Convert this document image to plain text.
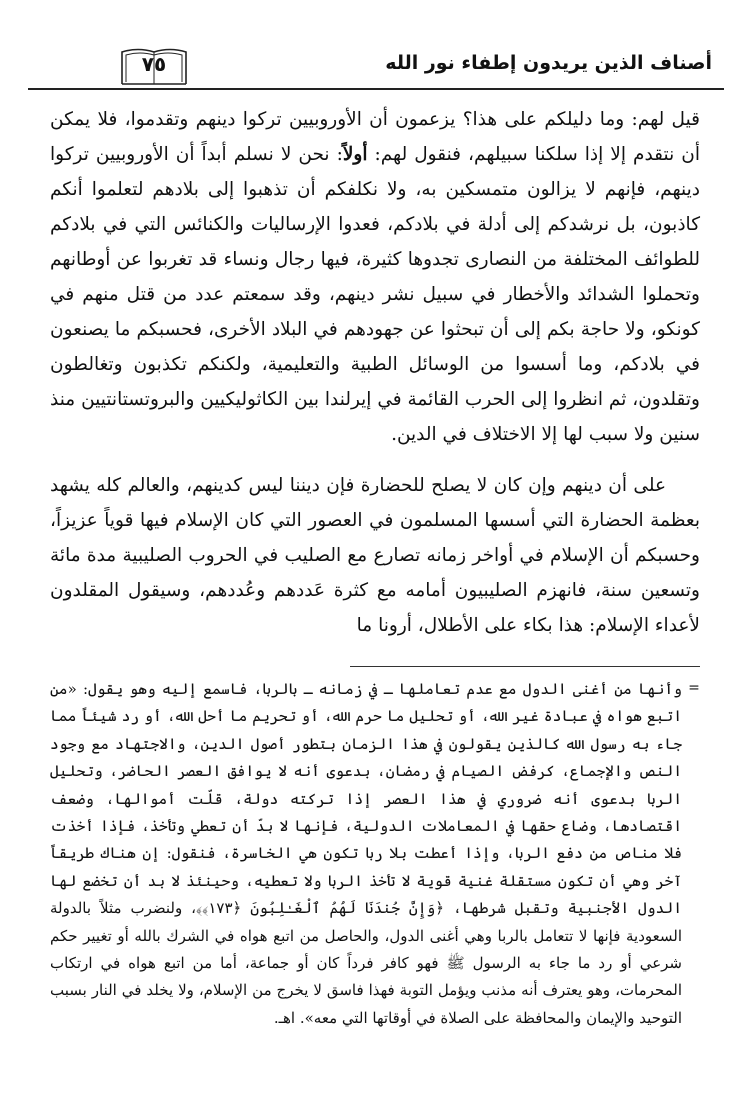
أصناف الذين يريدون إطفاء نور الله
٧٥

قيل لهم: وما دليلكم على هذا؟ يزعمون أن الأوروبيين تركوا دينهم وتقدموا، فلا يمكن أن نتقدم إلا إذا سلكنا سبيلهم، فنقول لهم: أولاً: نحن لا نسلم أبداً أن الأوروبيين تركوا دينهم، فإنهم لا يزالون متمسكين به، ولا نكلفكم أن تذهبوا إلى بلادهم لتعلموا أنكم كاذبون، بل نرشدكم إلى أدلة في بلادكم، فعدوا الإرساليات والكنائس التي في بلادكم للطوائف المختلفة من النصارى تجدوها كثيرة، فيها رجال ونساء قد تغربوا عن أوطانهم وتحملوا الشدائد والأخطار في سبيل نشر دينهم، وقد سمعتم عدد من قتل منهم في كونكو، ولا حاجة بكم إلى أن تبحثوا عن جهودهم في البلاد الأخرى، فحسبكم ما يصنعون في بلادكم، وما أسسوا من الوسائل الطبية والتعليمية، ولكنكم تكذبون وتغالطون وتقلدون، ثم انظروا إلى الحرب القائمة في إيرلندا بين الكاثوليكيين والبروتستانتيين منذ سنين ولا سبب لها إلا الاختلاف في الدين.

على أن دينهم وإن كان لا يصلح للحضارة فإن ديننا ليس كدينهم، والعالم كله يشهد بعظمة الحضارة التي أسسها المسلمون في العصور التي كان الإسلام فيها قوياً عزيزاً، وحسبكم أن الإسلام في أواخر زمانه تصارع مع الصليب في الحروب الصليبية مدة مائة وتسعين سنة، فانهزم الصليبيون أمامه مع كثرة عَددهم وعُددهم، وسيقول المقلدون لأعداء الإسلام: هذا بكاء على الأطلال، أرونا ما

=

وأنها من أغنى الدول مع عدم تعاملها ـ في زمانه ـ بالربا، فاسمع إليه وهو يقول: «من اتبع هواه في عبادة غير الله، أو تحليل ما حرم الله، أو تحريم ما أحل الله، أو رد شيئاً مما جاء به رسول الله كالذين يقولون في هذا الزمان بتطور أصول الدين، والاجتهاد مع وجود النص والإجماع، كرفض الصيام في رمضان، بدعوى أنه لا يوافق العصر الحاضر، وتحليل الربا بدعوى أنه ضروري في هذا العصر إذا تركته دولة، قلّت أموالها، وضعف اقتصادها، وضاع حقها في المعاملات الدولية، فإنها لا بدّ أن تعطي وتأخذ، فإذا أخذت فلا مناص من دفع الربا، وإذا أعطت بلا ربا تكون هي الخاسرة، فنقول: إن هناك طريقاً آخر وهي أن تكون مستقلة غنية قوية لا تأخذ الربا ولا تعطيه، وحينئذ لا بد أن تخضع لها الدول الأجنبية وتقبل شرطها، ﴿وَإِنَّ جُندَنَا لَهُمُ ٱلْغَـٰلِبُونَ ﴿١٧٣﴾﴾، ولنضرب مثلاً بالدولة السعودية فإنها لا تتعامل بالربا وهي أغنى الدول، والحاصل من اتبع هواه في الشرك بالله أو تغيير حكم شرعي أو رد ما جاء به الرسول ﷺ فهو كافر فرداً كان أو جماعة، أما من اتبع هواه في ارتكاب المحرمات، وهو يعترف أنه مذنب ويؤمل التوبة فهذا فاسق لا يخرج من الإسلام، ولا يخلد في النار بسبب التوحيد والإيمان والمحافظة على الصلاة في أوقاتها التي معه». اهـ.
